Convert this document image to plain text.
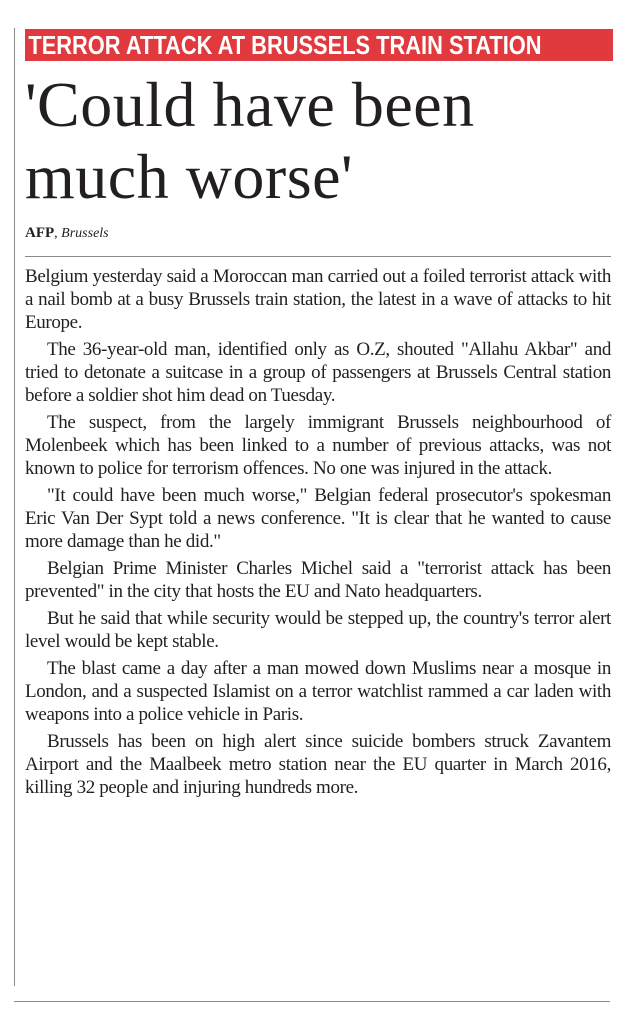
TERROR ATTACK AT BRUSSELS TRAIN STATION
'Could have been much worse'
AFP, Brussels

Belgium yesterday said a Moroccan man carried out a foiled terrorist attack with a nail bomb at a busy Brussels train station, the latest in a wave of attacks to hit Europe.

The 36-year-old man, identified only as O.Z, shouted "Allahu Akbar" and tried to detonate a suitcase in a group of passengers at Brussels Central station before a soldier shot him dead on Tuesday.

The suspect, from the largely immigrant Brussels neighbourhood of Molenbeek which has been linked to a number of previous attacks, was not known to police for terrorism offences. No one was injured in the attack.

"It could have been much worse," Belgian federal prosecutor's spokesman Eric Van Der Sypt told a news conference. "It is clear that he wanted to cause more damage than he did."

Belgian Prime Minister Charles Michel said a "terrorist attack has been prevented" in the city that hosts the EU and Nato headquarters.

But he said that while security would be stepped up, the country's terror alert level would be kept stable.

The blast came a day after a man mowed down Muslims near a mosque in London, and a suspected Islamist on a terror watchlist rammed a car laden with weapons into a police vehicle in Paris.

Brussels has been on high alert since suicide bombers struck Zavantem Airport and the Maalbeek metro station near the EU quarter in March 2016, killing 32 people and injuring hundreds more.
